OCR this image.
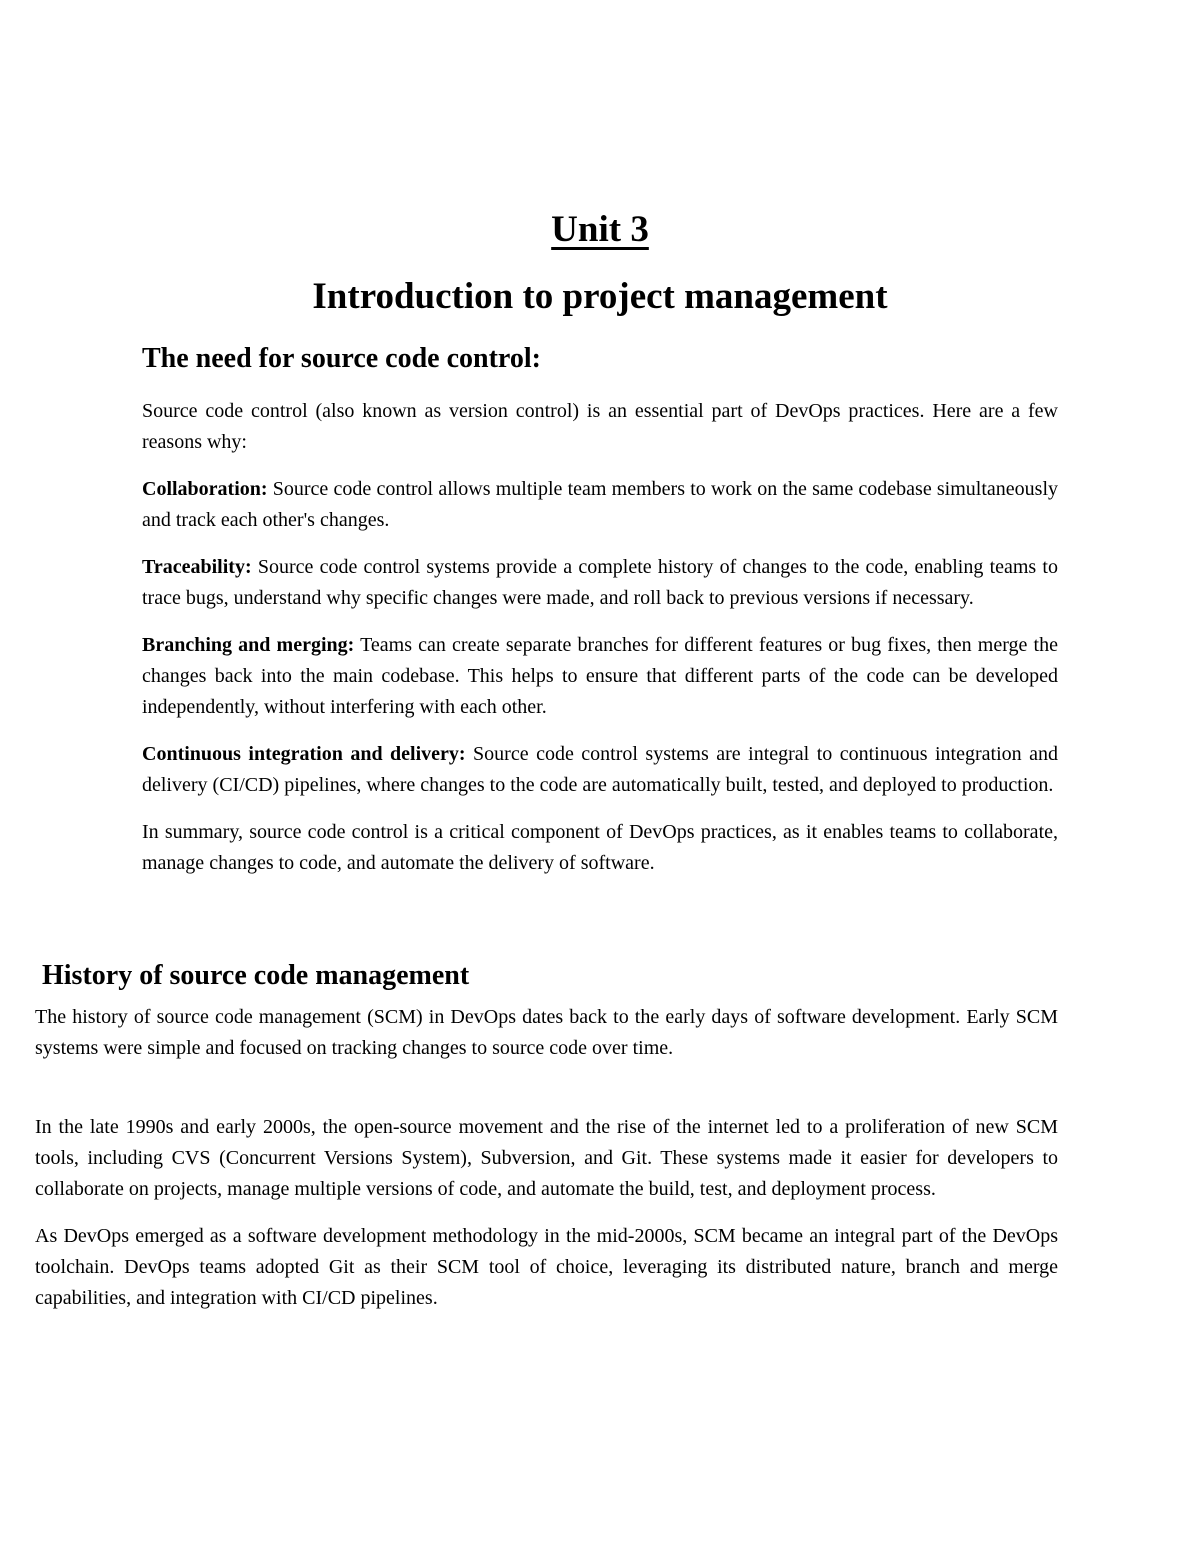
Unit 3
Introduction to project management
The need for source code control:

Source code control (also known as version control) is an essential part of DevOps practices. Here are a few reasons why:

Collaboration: Source code control allows multiple team members to work on the same codebase simultaneously and track each other's changes.

Traceability: Source code control systems provide a complete history of changes to the code, enabling teams to trace bugs, understand why specific changes were made, and roll back to previous versions if necessary.

Branching and merging: Teams can create separate branches for different features or bug fixes, then merge the changes back into the main codebase. This helps to ensure that different parts of the code can be developed independently, without interfering with each other.

Continuous integration and delivery: Source code control systems are integral to continuous integration and delivery (CI/CD) pipelines, where changes to the code are automatically built, tested, and deployed to production.

In summary, source code control is a critical component of DevOps practices, as it enables teams to collaborate, manage changes to code, and automate the delivery of software.

History of source code management

The history of source code management (SCM) in DevOps dates back to the early days of software development. Early SCM systems were simple and focused on tracking changes to source code over time.

In the late 1990s and early 2000s, the open-source movement and the rise of the internet led to a proliferation of new SCM tools, including CVS (Concurrent Versions System), Subversion, and Git. These systems made it easier for developers to collaborate on projects, manage multiple versions of code, and automate the build, test, and deployment process.

As DevOps emerged as a software development methodology in the mid-2000s, SCM became an integral part of the DevOps toolchain. DevOps teams adopted Git as their SCM tool of choice, leveraging its distributed nature, branch and merge capabilities, and integration with CI/CD pipelines.
